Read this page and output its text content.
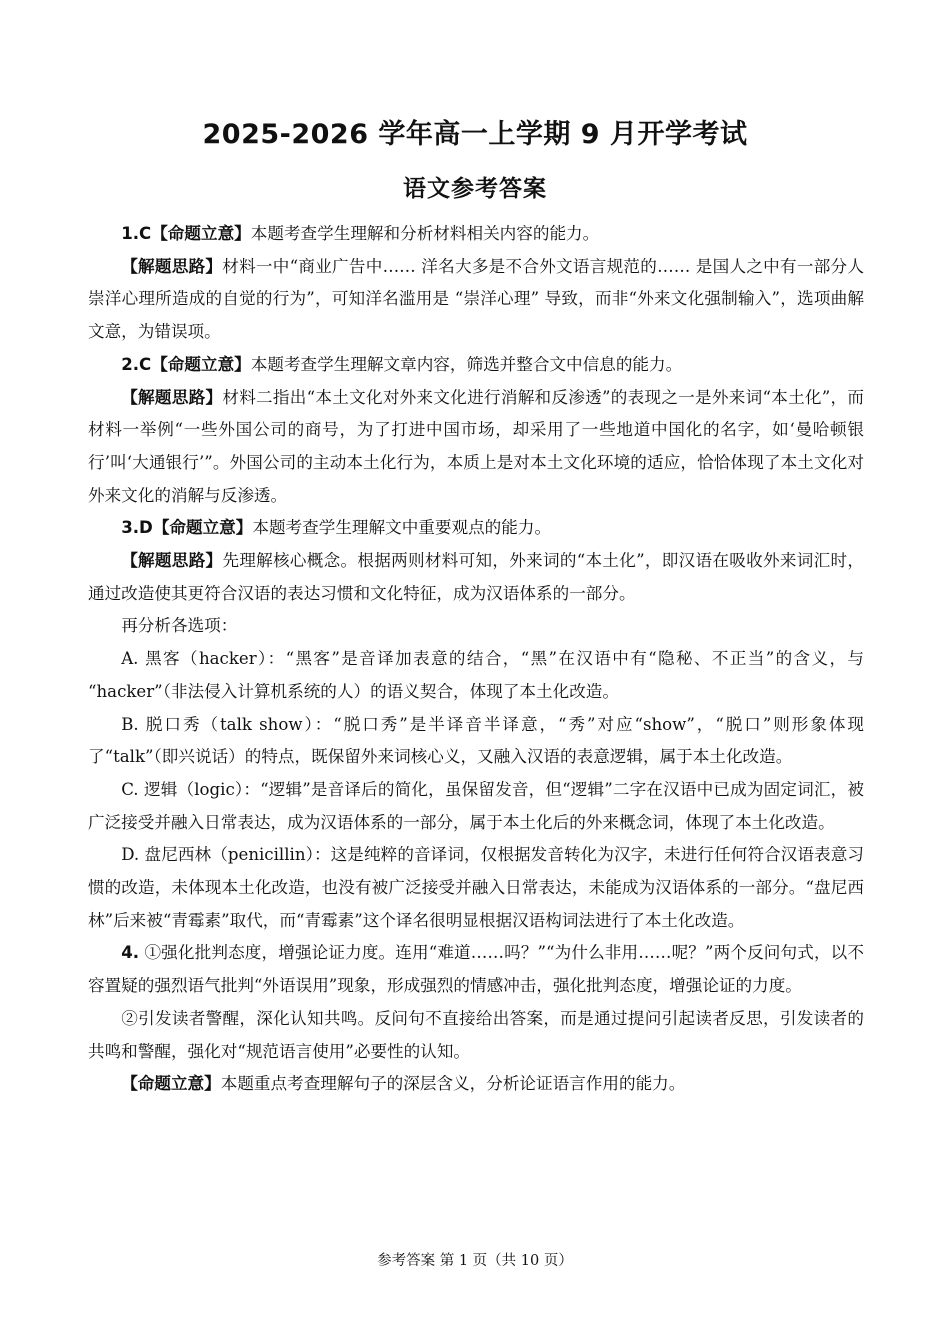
2025-2026 学年高一上学期 9 月开学考试
语文参考答案

1.C【命题立意】本题考查学生理解和分析材料相关内容的能力。

【解题思路】材料一中“商业广告中…… 洋名大多是不合外文语言规范的…… 是国人之中有一部分人崇洋心理所造成的自觉的行为”，可知洋名滥用是 “崇洋心理” 导致，而非“外来文化强制输入”，选项曲解文意，为错误项。

2.C【命题立意】本题考查学生理解文章内容，筛选并整合文中信息的能力。

【解题思路】材料二指出“本土文化对外来文化进行消解和反渗透”的表现之一是外来词“本土化”，而材料一举例“一些外国公司的商号，为了打进中国市场，却采用了一些地道中国化的名字，如‘曼哈顿银行’叫‘大通银行’”。外国公司的主动本土化行为，本质上是对本土文化环境的适应，恰恰体现了本土文化对外来文化的消解与反渗透。

3.D【命题立意】本题考查学生理解文中重要观点的能力。

【解题思路】先理解核心概念。根据两则材料可知，外来词的“本土化”，即汉语在吸收外来词汇时，通过改造使其更符合汉语的表达习惯和文化特征，成为汉语体系的一部分。

再分析各选项：

A. 黑客（hacker）：“黑客”是音译加表意的结合，“黑”在汉语中有“隐秘、不正当”的含义，与 “hacker”（非法侵入计算机系统的人）的语义契合，体现了本土化改造。

B. 脱口秀（talk show）：“脱口秀”是半译音半译意，“秀”对应“show”，“脱口”则形象体现了“talk”（即兴说话）的特点，既保留外来词核心义，又融入汉语的表意逻辑，属于本土化改造。

C. 逻辑（logic）：“逻辑”是音译后的简化，虽保留发音，但“逻辑”二字在汉语中已成为固定词汇，被广泛接受并融入日常表达，成为汉语体系的一部分，属于本土化后的外来概念词，体现了本土化改造。

D. 盘尼西林（penicillin）：这是纯粹的音译词，仅根据发音转化为汉字，未进行任何符合汉语表意习惯的改造，未体现本土化改造，也没有被广泛接受并融入日常表达，未能成为汉语体系的一部分。“盘尼西林”后来被“青霉素”取代，而“青霉素”这个译名很明显根据汉语构词法进行了本土化改造。

4. ①强化批判态度，增强论证力度。连用“难道……吗？”“为什么非用……呢？”两个反问句式，以不容置疑的强烈语气批判“外语误用”现象，形成强烈的情感冲击，强化批判态度，增强论证的力度。

②引发读者警醒，深化认知共鸣。反问句不直接给出答案，而是通过提问引起读者反思，引发读者的共鸣和警醒，强化对“规范语言使用”必要性的认知。

【命题立意】本题重点考查理解句子的深层含义，分析论证语言作用的能力。

参考答案 第 1 页（共 10 页）
